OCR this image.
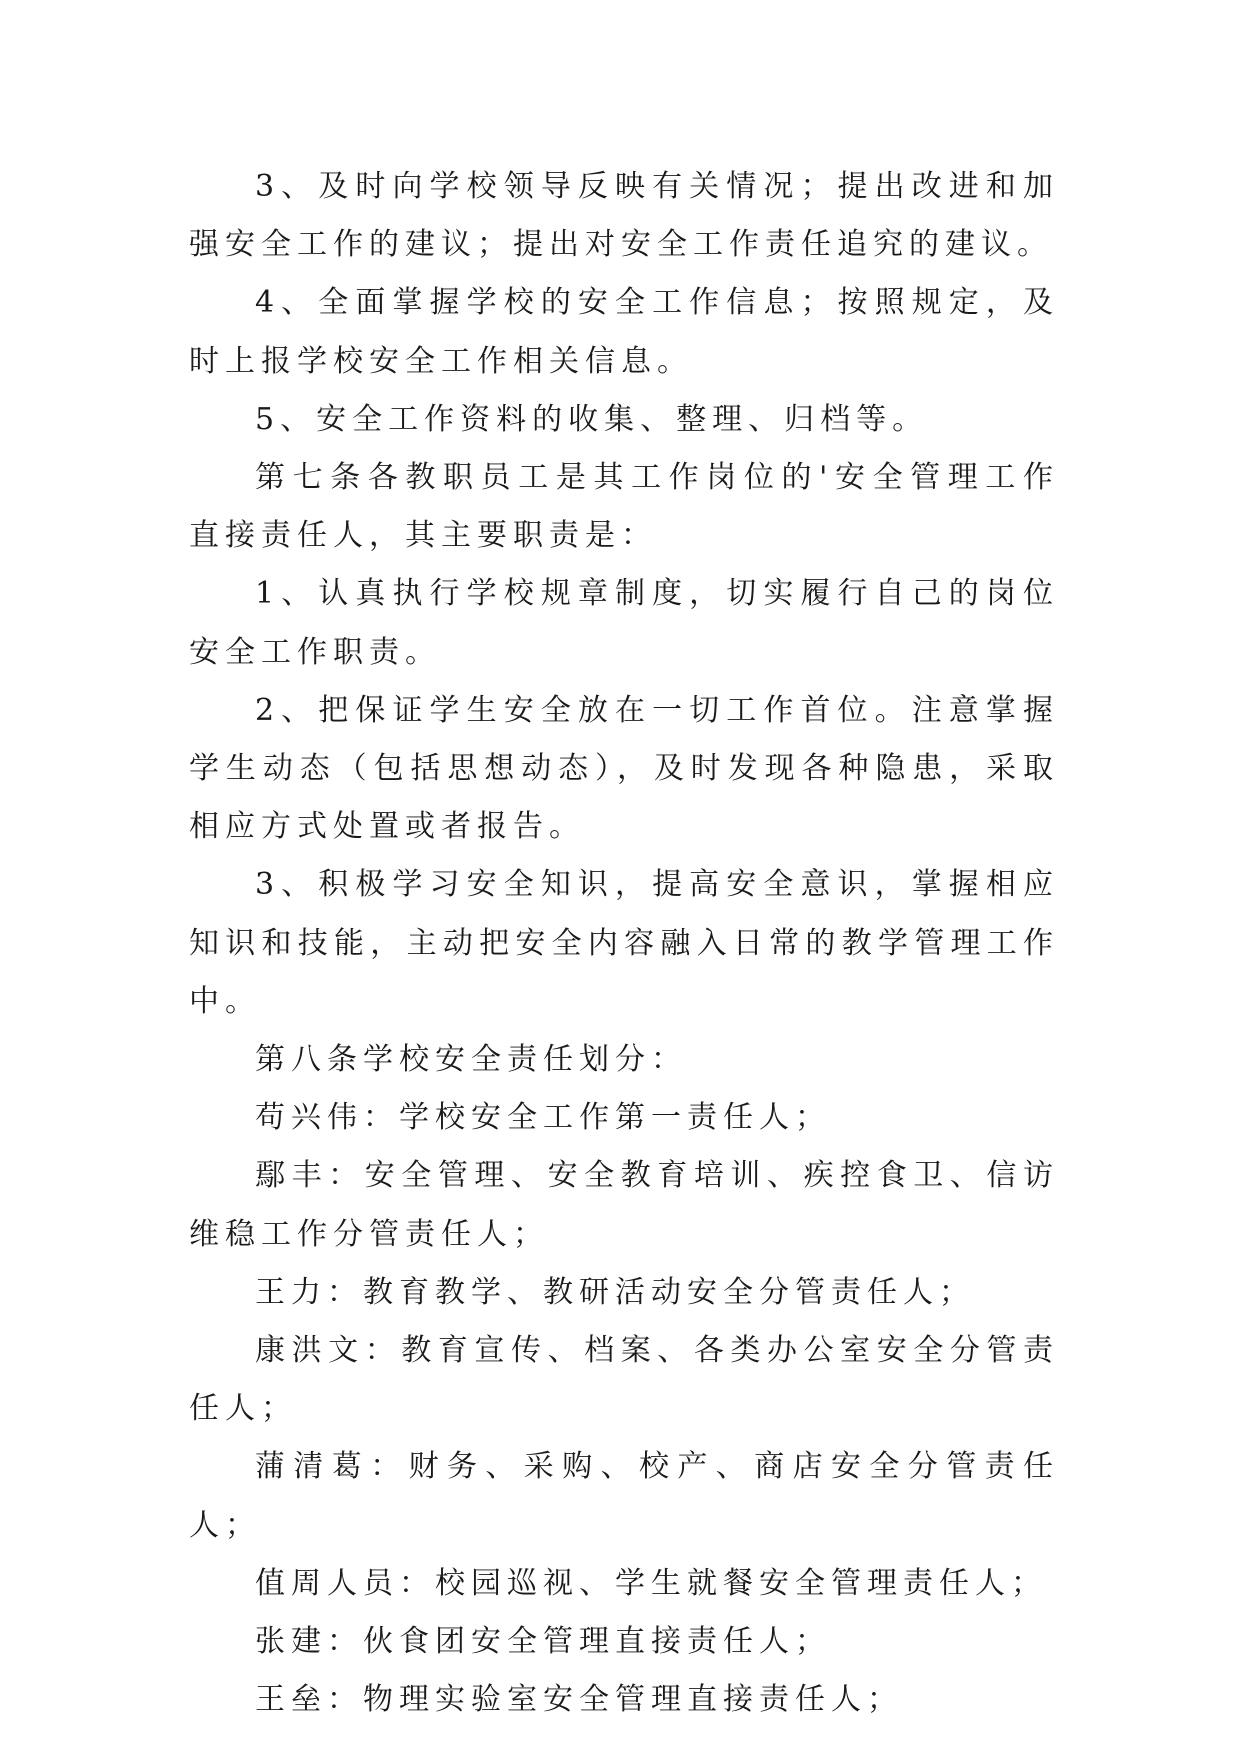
3、及时向学校领导反映有关情况；提出改进和加强安全工作的建议；提出对安全工作责任追究的建议。

4、全面掌握学校的安全工作信息；按照规定，及时上报学校安全工作相关信息。

5、安全工作资料的收集、整理、归档等。

第七条各教职员工是其工作岗位的'安全管理工作直接责任人，其主要职责是：

1、认真执行学校规章制度，切实履行自己的岗位安全工作职责。

2、把保证学生安全放在一切工作首位。注意掌握学生动态（包括思想动态），及时发现各种隐患，采取相应方式处置或者报告。

3、积极学习安全知识，提高安全意识，掌握相应知识和技能，主动把安全内容融入日常的教学管理工作中。

第八条学校安全责任划分：

苟兴伟：学校安全工作第一责任人；

鄢丰：安全管理、安全教育培训、疾控食卫、信访维稳工作分管责任人；

王力：教育教学、教研活动安全分管责任人；

康洪文：教育宣传、档案、各类办公室安全分管责任人；

蒲清葛：财务、采购、校产、商店安全分管责任人；

值周人员：校园巡视、学生就餐安全管理责任人；

张建：伙食团安全管理直接责任人；

王垒：物理实验室安全管理直接责任人；
